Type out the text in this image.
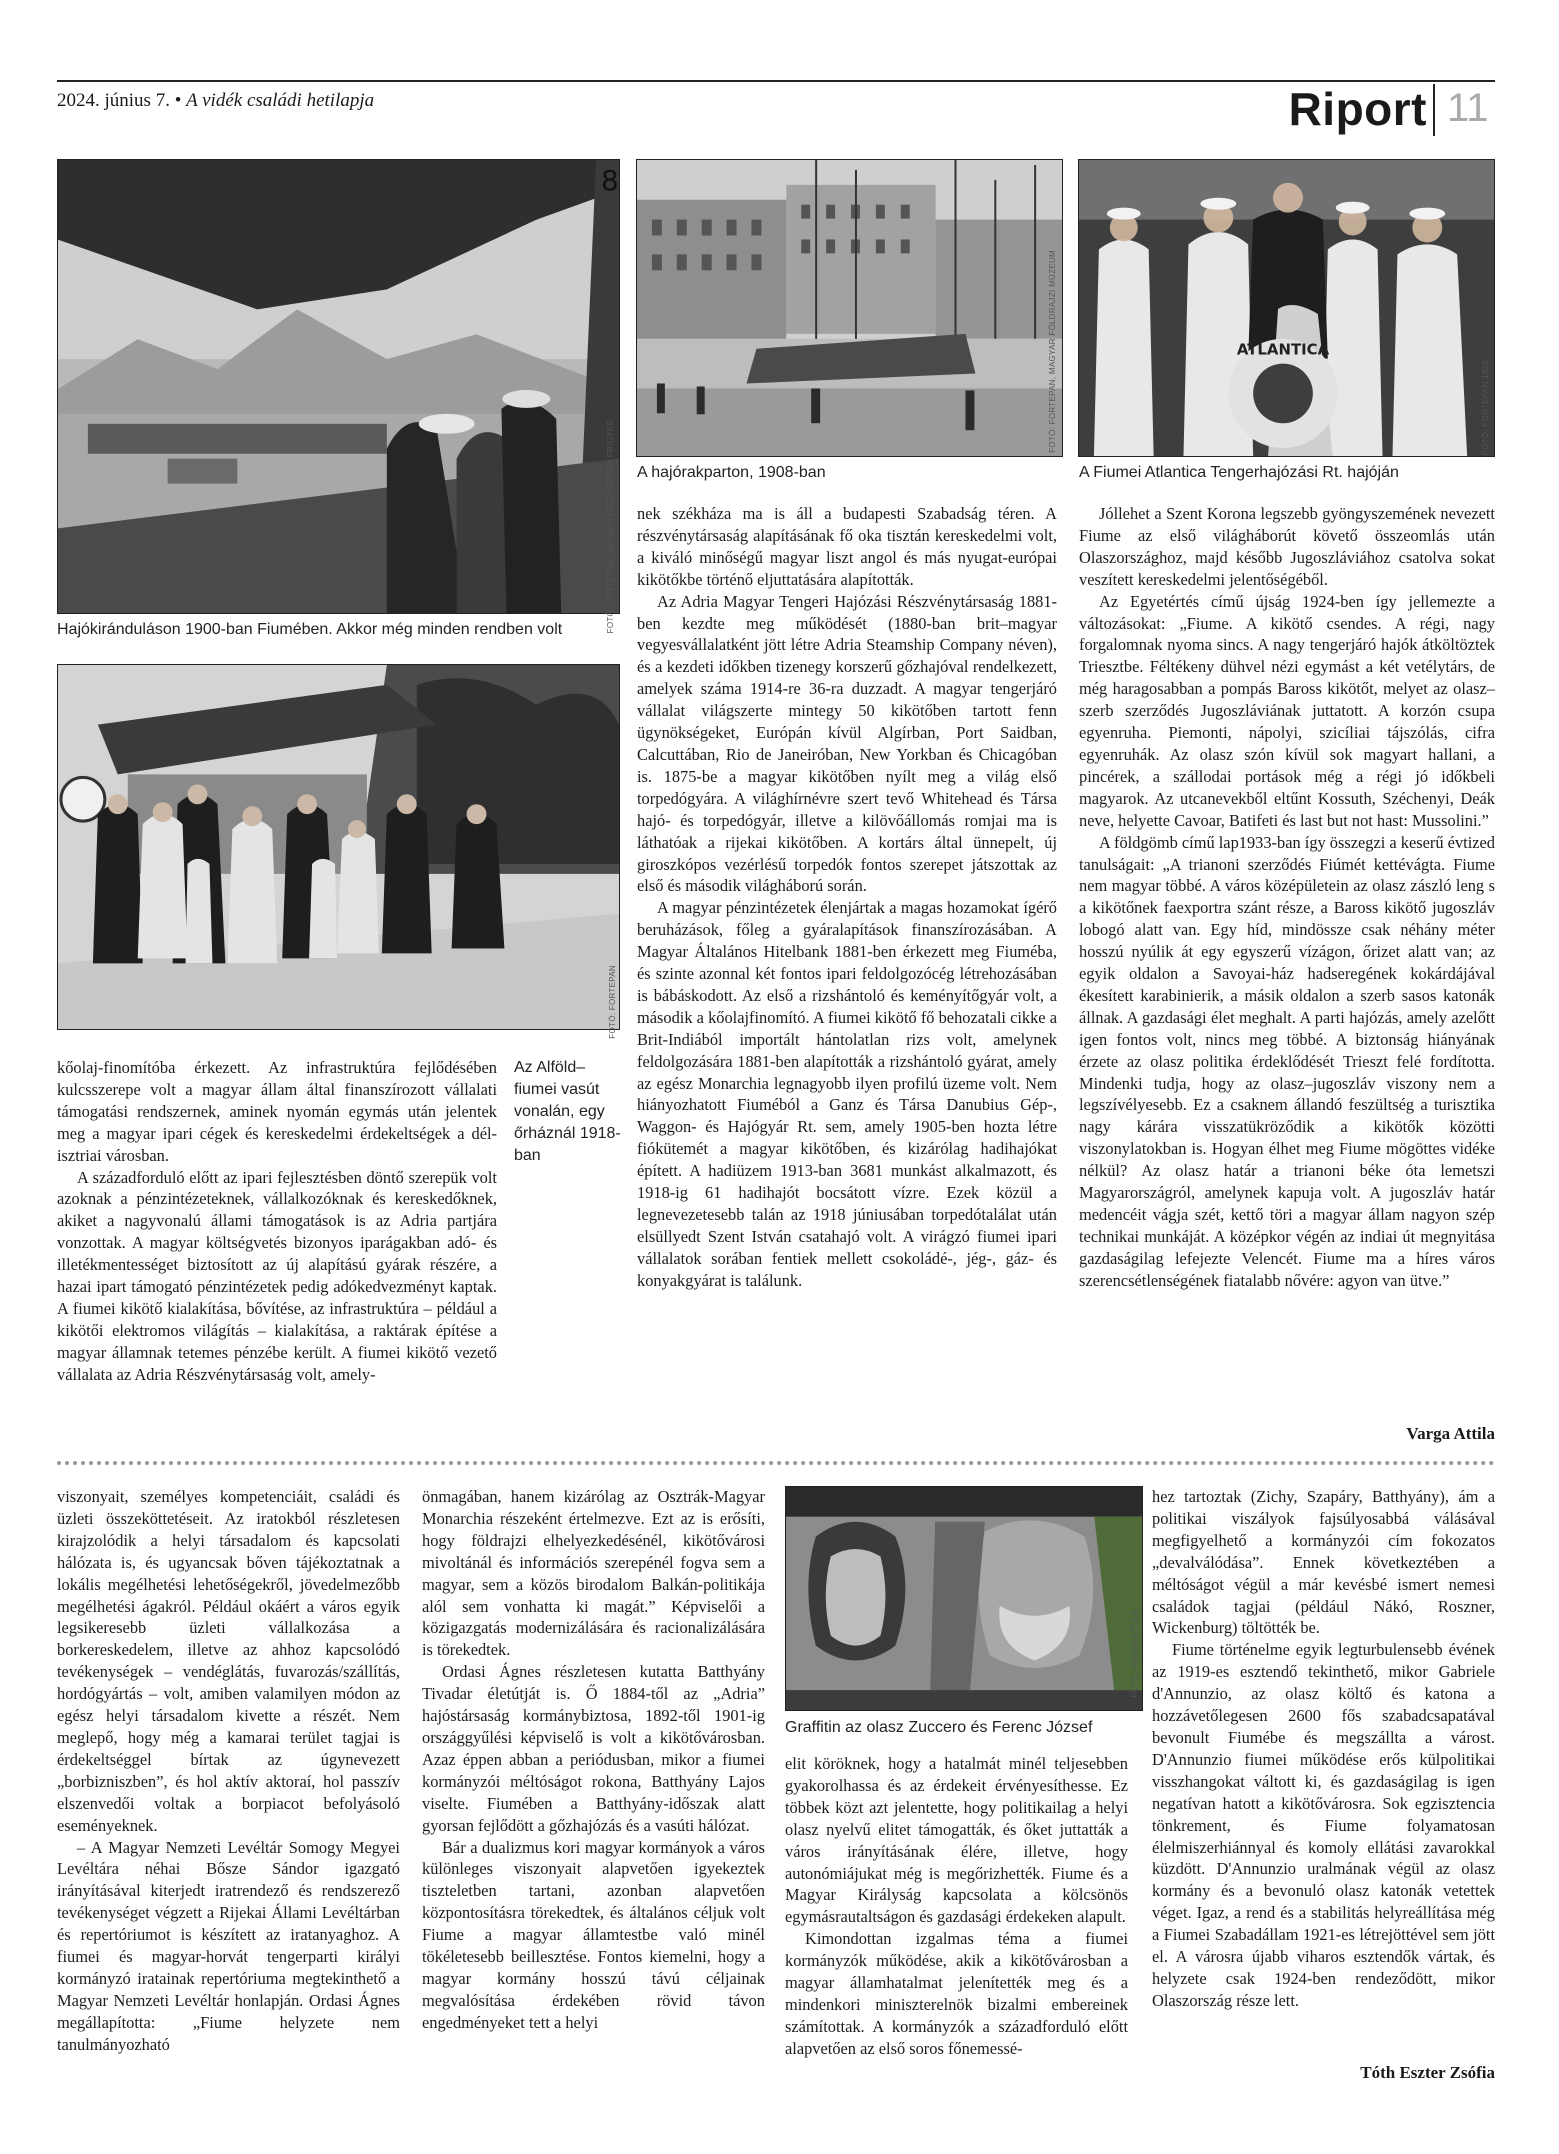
2024. június 7. • A vidék családi hetilapja	Riport 11
8
FOTÓ: FORTEPAN, ADOMÁNYOZÓ: SZÖCH FRIGYES
Hajókiránduláson 1900-ban Fiumében. Akkor még minden rendben volt
FOTÓ: FORTEPAN, MAGYAR FÖLDRAJZI MÚZEUM
A hajórakparton, 1908-ban
ATLANTICA
FOTÓ: FORTEPAN 1926
A Fiumei Atlantica Tengerhajózási Rt. hajóján
FOTÓ: FORTEPAN
Az Alföld–fiumei vasút vonalán, egy őrháznál 1918-ban

kőolaj-finomítóba érkezett. Az infrastruktúra fejlődésében kulcsszerepe volt a magyar állam által finanszírozott vállalati támogatási rendszernek, aminek nyomán egymás után jelentek meg a magyar ipari cégek és kereskedelmi érdekeltségek a dél-isztriai városban.

A századforduló előtt az ipari fejlesztésben döntő szerepük volt azoknak a pénzintézeteknek, vállalkozóknak és kereskedőknek, akiket a nagyvonalú állami támogatások is az Adria partjára vonzottak. A magyar költségvetés bizonyos iparágakban adó- és illetékmentességet biztosított az új alapítású gyárak részére, a hazai ipart támogató pénzintézetek pedig adókedvezményt kaptak. A fiumei kikötő kialakítása, bővítése, az infrastruktúra – például a kikötői elektromos világítás – kialakítása, a raktárak építése a magyar államnak tetemes pénzébe került. A fiumei kikötő vezető vállalata az Adria Részvénytársaság volt, amely-

nek székháza ma is áll a budapesti Szabadság téren. A részvénytársaság alapításának fő oka tisztán kereskedelmi volt, a kiváló minőségű magyar liszt angol és más nyugat-európai kikötőkbe történő eljuttatására alapították.

Az Adria Magyar Tengeri Hajózási Részvénytársaság 1881-ben kezdte meg működését (1880-ban brit–magyar vegyesvállalatként jött létre Adria Steamship Company néven), és a kezdeti időkben tizenegy korszerű gőzhajóval rendelkezett, amelyek száma 1914-re 36-ra duzzadt. A magyar tengerjáró vállalat világszerte mintegy 50 kikötőben tartott fenn ügynökségeket, Európán kívül Algírban, Port Saidban, Calcuttában, Rio de Janeiróban, New Yorkban és Chicagóban is. 1875-be a magyar kikötőben nyílt meg a világ első torpedógyára. A világhírnévre szert tevő Whitehead és Társa hajó- és torpedógyár, illetve a kilövőállomás romjai ma is láthatóak a rijekai kikötőben. A kortárs által ünnepelt, új giroszkópos vezérlésű torpedók fontos szerepet játszottak az első és második világháború során.

A magyar pénzintézetek élenjártak a magas hozamokat ígérő beruházások, főleg a gyáralapítások finanszírozásában. A Magyar Általános Hitelbank 1881-ben érkezett meg Fiuméba, és szinte azonnal két fontos ipari feldolgozócég létrehozásában is bábáskodott. Az első a rizshántoló és keményítőgyár volt, a második a kőolajfinomító. A fiumei kikötő fő behozatali cikke a Brit-Indiából importált hántolatlan rizs volt, amelynek feldolgozására 1881-ben alapították a rizshántoló gyárat, amely az egész Monarchia legnagyobb ilyen profilú üzeme volt. Nem hiányozhatott Fiuméból a Ganz és Társa Danubius Gép-, Waggon- és Hajógyár Rt. sem, amely 1905-ben hozta létre fiókütemét a magyar kikötőben, és kizárólag hadihajókat épített. A hadiüzem 1913-ban 3681 munkást alkalmazott, és 1918-ig 61 hadihajót bocsátott vízre. Ezek közül a legnevezetesebb talán az 1918 júniusában torpedótalálat után elsüllyedt Szent István csatahajó volt. A virágzó fiumei ipari vállalatok sorában fentiek mellett csokoládé-, jég-, gáz- és konyakgyárat is találunk.

Jóllehet a Szent Korona legszebb gyöngyszemének nevezett Fiume az első világháborút követő összeomlás után Olaszországhoz, majd később Jugoszláviához csatolva sokat veszített kereskedelmi jelentőségéből.

Az Egyetértés című újság 1924-ben így jellemezte a változásokat: „Fiume. A kikötő csendes. A régi, nagy forgalomnak nyoma sincs. A nagy tengerjáró hajók átköltöztek Triesztbe. Féltékeny dühvel nézi egymást a két vetélytárs, de még haragosabban a pompás Baross kikötőt, melyet az olasz–szerb szerződés Jugoszláviának juttatott. A korzón csupa egyenruha. Piemonti, nápolyi, szicíliai tájszólás, cifra egyenruhák. Az olasz szón kívül sok magyart hallani, a pincérek, a szállodai portások még a régi jó időkbeli magyarok. Az utcanevekből eltűnt Kossuth, Széchenyi, Deák neve, helyette Cavoar, Batifeti és last but not hast: Mussolini.”

A földgömb című lap1933-ban így összegzi a keserű évtized tanulságait: „A trianoni szerződés Fiúmét kettévágta. Fiume nem magyar többé. A város középületein az olasz zászló leng s a kikötőnek faexportra szánt része, a Baross kikötő jugoszláv lobogó alatt van. Egy híd, mindössze csak néhány méter hosszú nyúlik át egy egyszerű vízágon, őrizet alatt van; az egyik oldalon a Savoyai-ház hadseregének kokárdájával ékesített karabinierik, a másik oldalon a szerb sasos katonák állnak. A gazdasági élet meghalt. A parti hajózás, amely azelőtt igen fontos volt, nincs meg többé. A biztonság hiányának érzete az olasz politika érdeklődését Trieszt felé fordította. Mindenki tudja, hogy az olasz–jugoszláv viszony nem a legszívélyesebb. Ez a csaknem állandó feszültség a turisztika nagy kárára visszatükröződik a kikötők közötti viszonylatokban is. Hogyan élhet meg Fiume mögöttes vidéke nélkül? Az olasz határ a trianoni béke óta lemetszi Magyarországról, amelynek kapuja volt. A jugoszláv határ medencéit vágja szét, kettő töri a magyar állam nagyon szép technikai munkáját. A középkor végén az indiai út megnyitása gazdaságilag lefejezte Velencét. Fiume ma a híres város szerencsétlenségének fiatalabb nővére: agyon van ütve.”

Varga Attila

viszonyait, személyes kompetenciáit, családi és üzleti összeköttetéseit. Az iratokból részletesen kirajzolódik a helyi társadalom és kapcsolati hálózata is, és ugyancsak bőven tájékoztatnak a lokális megélhetési lehetőségekről, jövedelmezőbb megélhetési ágakról. Például okáért a város egyik legsikeresebb üzleti vállalkozása a borkereskedelem, illetve az ahhoz kapcsolódó tevékenységek – vendéglátás, fuvarozás/szállítás, hordógyártás – volt, amiben valamilyen módon az egész helyi társadalom kivette a részét. Nem meglepő, hogy még a kamarai terület tagjai is érdekeltséggel bírtak az úgynevezett „borbizniszben”, és hol aktív aktoraí, hol passzív elszenvedői voltak a borpiacot befolyásoló eseményeknek.

– A Magyar Nemzeti Levéltár Somogy Megyei Levéltára néhai Bősze Sándor igazgató irányításával kiterjedt iratrendező és rendszerező tevékenységet végzett a Rijekai Állami Levéltárban és repertóriumot is készített az iratanyaghoz. A fiumei és magyar-horvát tengerparti királyi kormányzó iratainak repertóriuma megtekinthető a Magyar Nemzeti Levéltár honlapján. Ordasi Ágnes megállapította: „Fiume helyzete nem tanulmányozható

önmagában, hanem kizárólag az Osztrák-Magyar Monarchia részeként értelmezve. Ezt az is erősíti, hogy földrajzi elhelyezkedésénél, kikötővárosi mivoltánál és információs szerepénél fogva sem a magyar, sem a közös birodalom Balkán-politikája alól sem vonhatta ki magát.” Képviselői a közigazgatás modernizálására és racionalizálására is törekedtek.

Ordasi Ágnes részletesen kutatta Batthyány Tivadar életútját is. Ő 1884-től az „Adria” hajóstársaság kormánybiztosa, 1892-től 1901-ig országgyűlési képviselő is volt a kikötővárosban. Azaz éppen abban a periódusban, mikor a fiumei kormányzói méltóságot rokona, Batthyány Lajos viselte. Fiumében a Batthyány-időszak alatt gyorsan fejlődött a gőzhajózás és a vasúti hálózat.

Bár a dualizmus kori magyar kormányok a város különleges viszonyait alapvetően igyekeztek tiszteletben tartani, azonban alapvetően központosításra törekedtek, és általános céljuk volt Fiume a magyar államtestbe való minél tökéletesebb beillesztése. Fontos kiemelni, hogy a magyar kormány hosszú távú céljainak megvalósítása érdekében rövid távon engedményeket tett a helyi

FOTÓ: VARGA ATTILA
Graffitin az olasz Zuccero és Ferenc József

elit köröknek, hogy a hatalmát minél teljesebben gyakorolhassa és az érdekeit érvényesíthesse. Ez többek közt azt jelentette, hogy politikailag a helyi olasz nyelvű elitet támogatták, és őket juttatták a város irányításának élére, illetve, hogy autonómiájukat még is megőrizhették. Fiume és a Magyar Királyság kapcsolata a kölcsönös egymásrautaltságon és gazdasági érdekeken alapult.

Kimondottan izgalmas téma a fiumei kormányzók működése, akik a kikötővárosban a magyar államhatalmat jelenítették meg és a mindenkori miniszterelnök bizalmi embereinek számítottak. A kormányzók a századforduló előtt alapvetően az első soros főnemessé-

hez tartoztak (Zichy, Szapáry, Batthyány), ám a politikai viszályok fajsúlyosabbá válásával megfigyelhető a kormányzói cím fokozatos „devalválódása”. Ennek következtében a méltóságot végül a már kevésbé ismert nemesi családok tagjai (például Nákó, Roszner, Wickenburg) töltötték be.

Fiume történelme egyik legturbulensebb évének az 1919-es esztendő tekinthető, mikor Gabriele d'Annunzio, az olasz költő és katona a hozzávetőlegesen 2600 fős szabadcsapatával bevonult Fiumébe és megszállta a várost. D'Annunzio fiumei működése erős külpolitikai visszhangokat váltott ki, és gazdaságilag is igen negatívan hatott a kikötővárosra. Sok egzisztencia tönkrement, és Fiume folyamatosan élelmiszerhiánnyal és komoly ellátási zavarokkal küzdött. D'Annunzio uralmának végül az olasz kormány és a bevonuló olasz katonák vetettek véget. Igaz, a rend és a stabilitás helyreállítása még a Fiumei Szabadállam 1921-es létrejöttével sem jött el. A városra újabb viharos esztendők vártak, és helyzete csak 1924-ben rendeződött, mikor Olaszország része lett.

Tóth Eszter Zsófia
